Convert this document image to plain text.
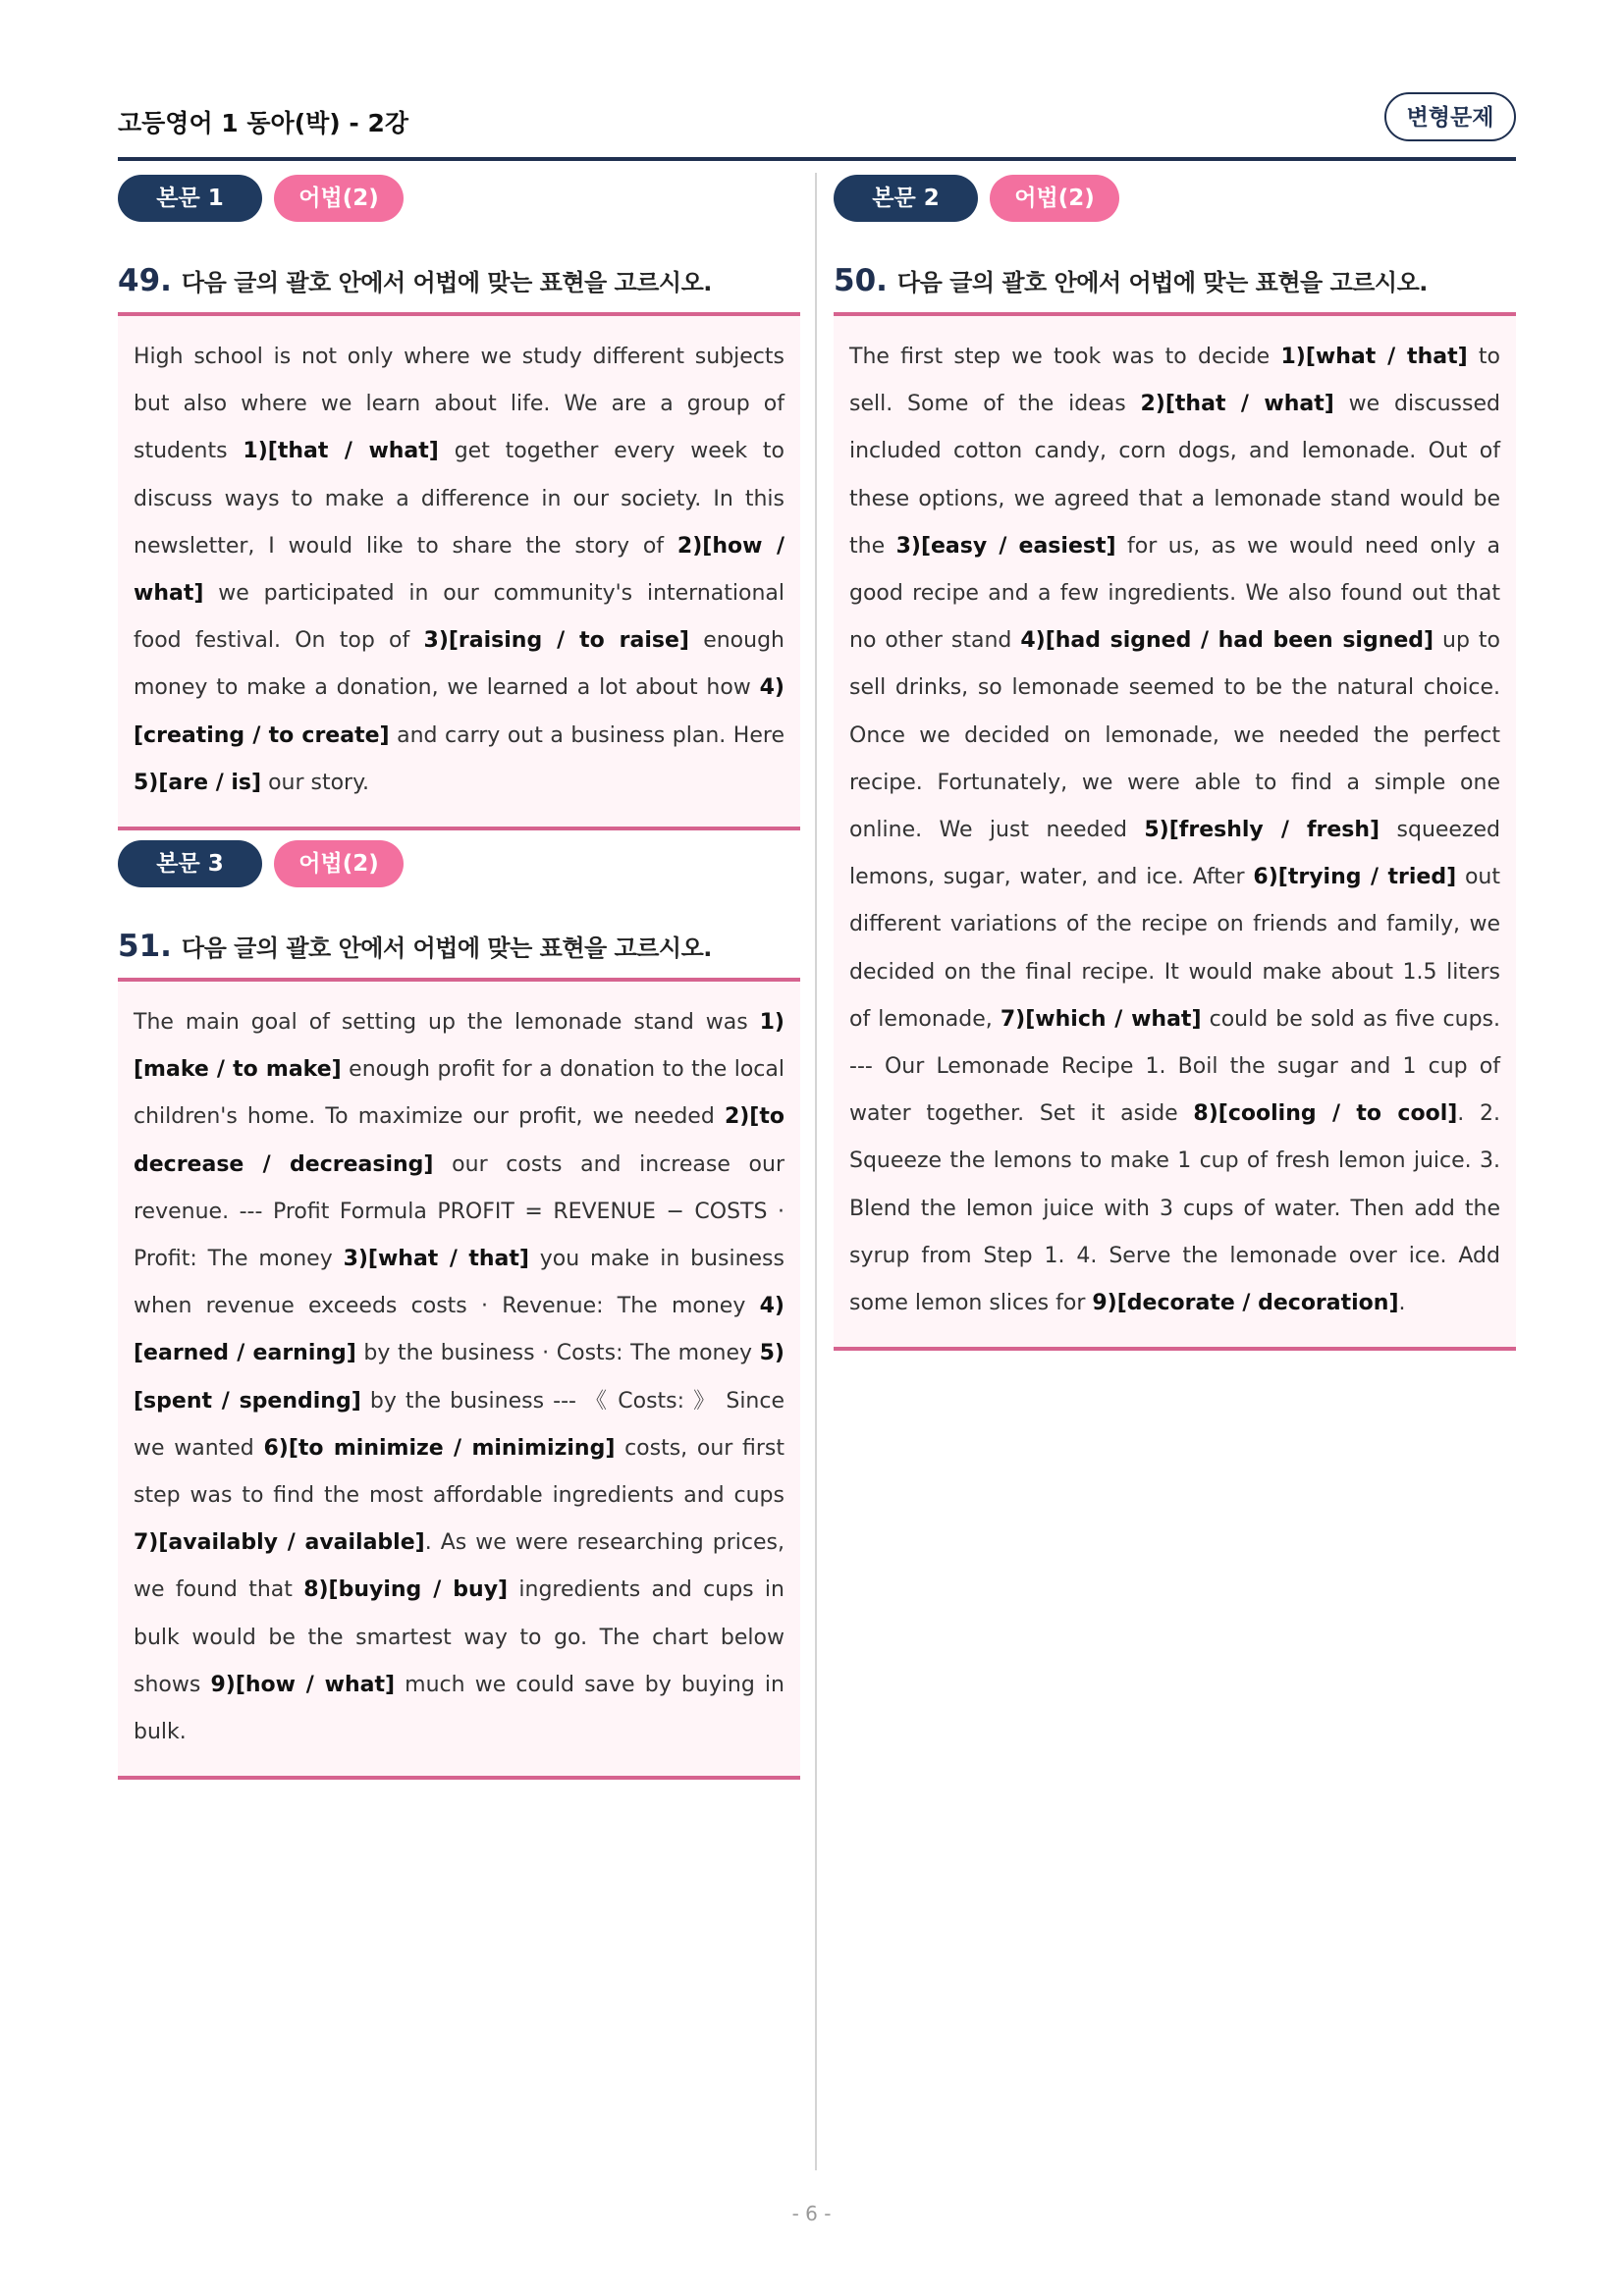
고등영어 1 동아(박) - 2강	변형문제
본문 1	어법(2)
49. 다음 글의 괄호 안에서 어법에 맞는 표현을 고르시오.
High school is not only where we study different subjects but also where we learn about life. We are a group of students 1)[that / what] get together every week to discuss ways to make a difference in our society. In this newsletter, I would like to share the story of 2)[how / what] we participated in our community's international food festival. On top of 3)[raising / to raise] enough money to make a donation, we learned a lot about how 4)[creating / to create] and carry out a business plan. Here 5)[are / is] our story.
본문 3	어법(2)
51. 다음 글의 괄호 안에서 어법에 맞는 표현을 고르시오.
The main goal of setting up the lemonade stand was 1)[make / to make] enough profit for a donation to the local children's home. To maximize our profit, we needed 2)[to decrease / decreasing] our costs and increase our revenue. --- Profit Formula PROFIT = REVENUE − COSTS · Profit: The money 3)[what / that] you make in business when revenue exceeds costs · Revenue: The money 4)[earned / earning] by the business · Costs: The money 5)[spent / spending] by the business --- 《 Costs: 》 Since we wanted 6)[to minimize / minimizing] costs, our first step was to find the most affordable ingredients and cups 7)[availably / available]. As we were researching prices, we found that 8)[buying / buy] ingredients and cups in bulk would be the smartest way to go. The chart below shows 9)[how / what] much we could save by buying in bulk.
본문 2	어법(2)
50. 다음 글의 괄호 안에서 어법에 맞는 표현을 고르시오.
The first step we took was to decide 1)[what / that] to sell. Some of the ideas 2)[that / what] we discussed included cotton candy, corn dogs, and lemonade. Out of these options, we agreed that a lemonade stand would be the 3)[easy / easiest] for us, as we would need only a good recipe and a few ingredients. We also found out that no other stand 4)[had signed / had been signed] up to sell drinks, so lemonade seemed to be the natural choice. Once we decided on lemonade, we needed the perfect recipe. Fortunately, we were able to find a simple one online. We just needed 5)[freshly / fresh] squeezed lemons, sugar, water, and ice. After 6)[trying / tried] out different variations of the recipe on friends and family, we decided on the final recipe. It would make about 1.5 liters of lemonade, 7)[which / what] could be sold as five cups. --- Our Lemonade Recipe 1. Boil the sugar and 1 cup of water together. Set it aside 8)[cooling / to cool]. 2. Squeeze the lemons to make 1 cup of fresh lemon juice. 3. Blend the lemon juice with 3 cups of water. Then add the syrup from Step 1. 4. Serve the lemonade over ice. Add some lemon slices for 9)[decorate / decoration].
- 6 -
